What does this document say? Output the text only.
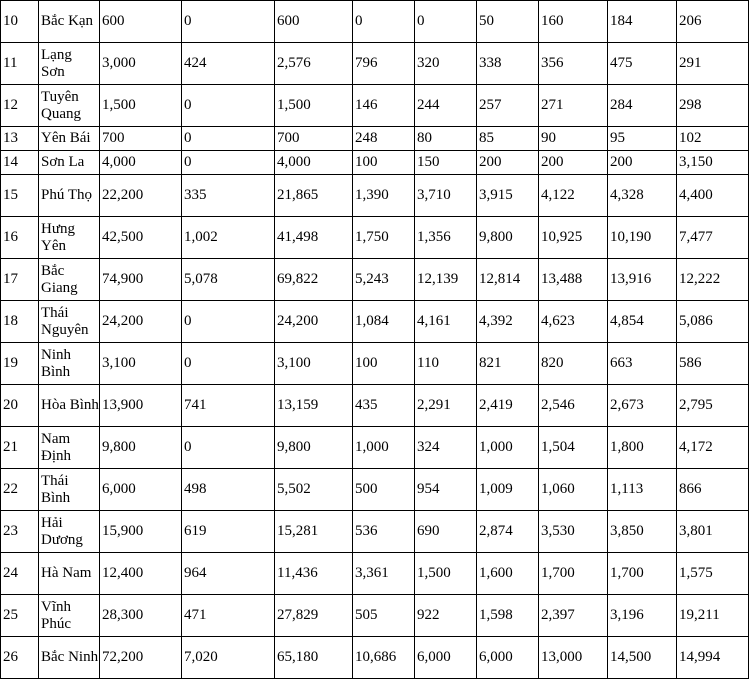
10	Bắc Kạn	600	0	600	0	0	50	160	184	206
11	Lạng Sơn	3,000	424	2,576	796	320	338	356	475	291
12	Tuyên Quang	1,500	0	1,500	146	244	257	271	284	298
13	Yên Bái	700	0	700	248	80	85	90	95	102
14	Sơn La	4,000	0	4,000	100	150	200	200	200	3,150
15	Phú Thọ	22,200	335	21,865	1,390	3,710	3,915	4,122	4,328	4,400
16	Hưng Yên	42,500	1,002	41,498	1,750	1,356	9,800	10,925	10,190	7,477
17	Bắc Giang	74,900	5,078	69,822	5,243	12,139	12,814	13,488	13,916	12,222
18	Thái Nguyên	24,200	0	24,200	1,084	4,161	4,392	4,623	4,854	5,086
19	Ninh Bình	3,100	0	3,100	100	110	821	820	663	586
20	Hòa Bình	13,900	741	13,159	435	2,291	2,419	2,546	2,673	2,795
21	Nam Định	9,800	0	9,800	1,000	324	1,000	1,504	1,800	4,172
22	Thái Bình	6,000	498	5,502	500	954	1,009	1,060	1,113	866
23	Hải Dương	15,900	619	15,281	536	690	2,874	3,530	3,850	3,801
24	Hà Nam	12,400	964	11,436	3,361	1,500	1,600	1,700	1,700	1,575
25	Vĩnh Phúc	28,300	471	27,829	505	922	1,598	2,397	3,196	19,211
26	Bắc Ninh	72,200	7,020	65,180	10,686	6,000	6,000	13,000	14,500	14,994
